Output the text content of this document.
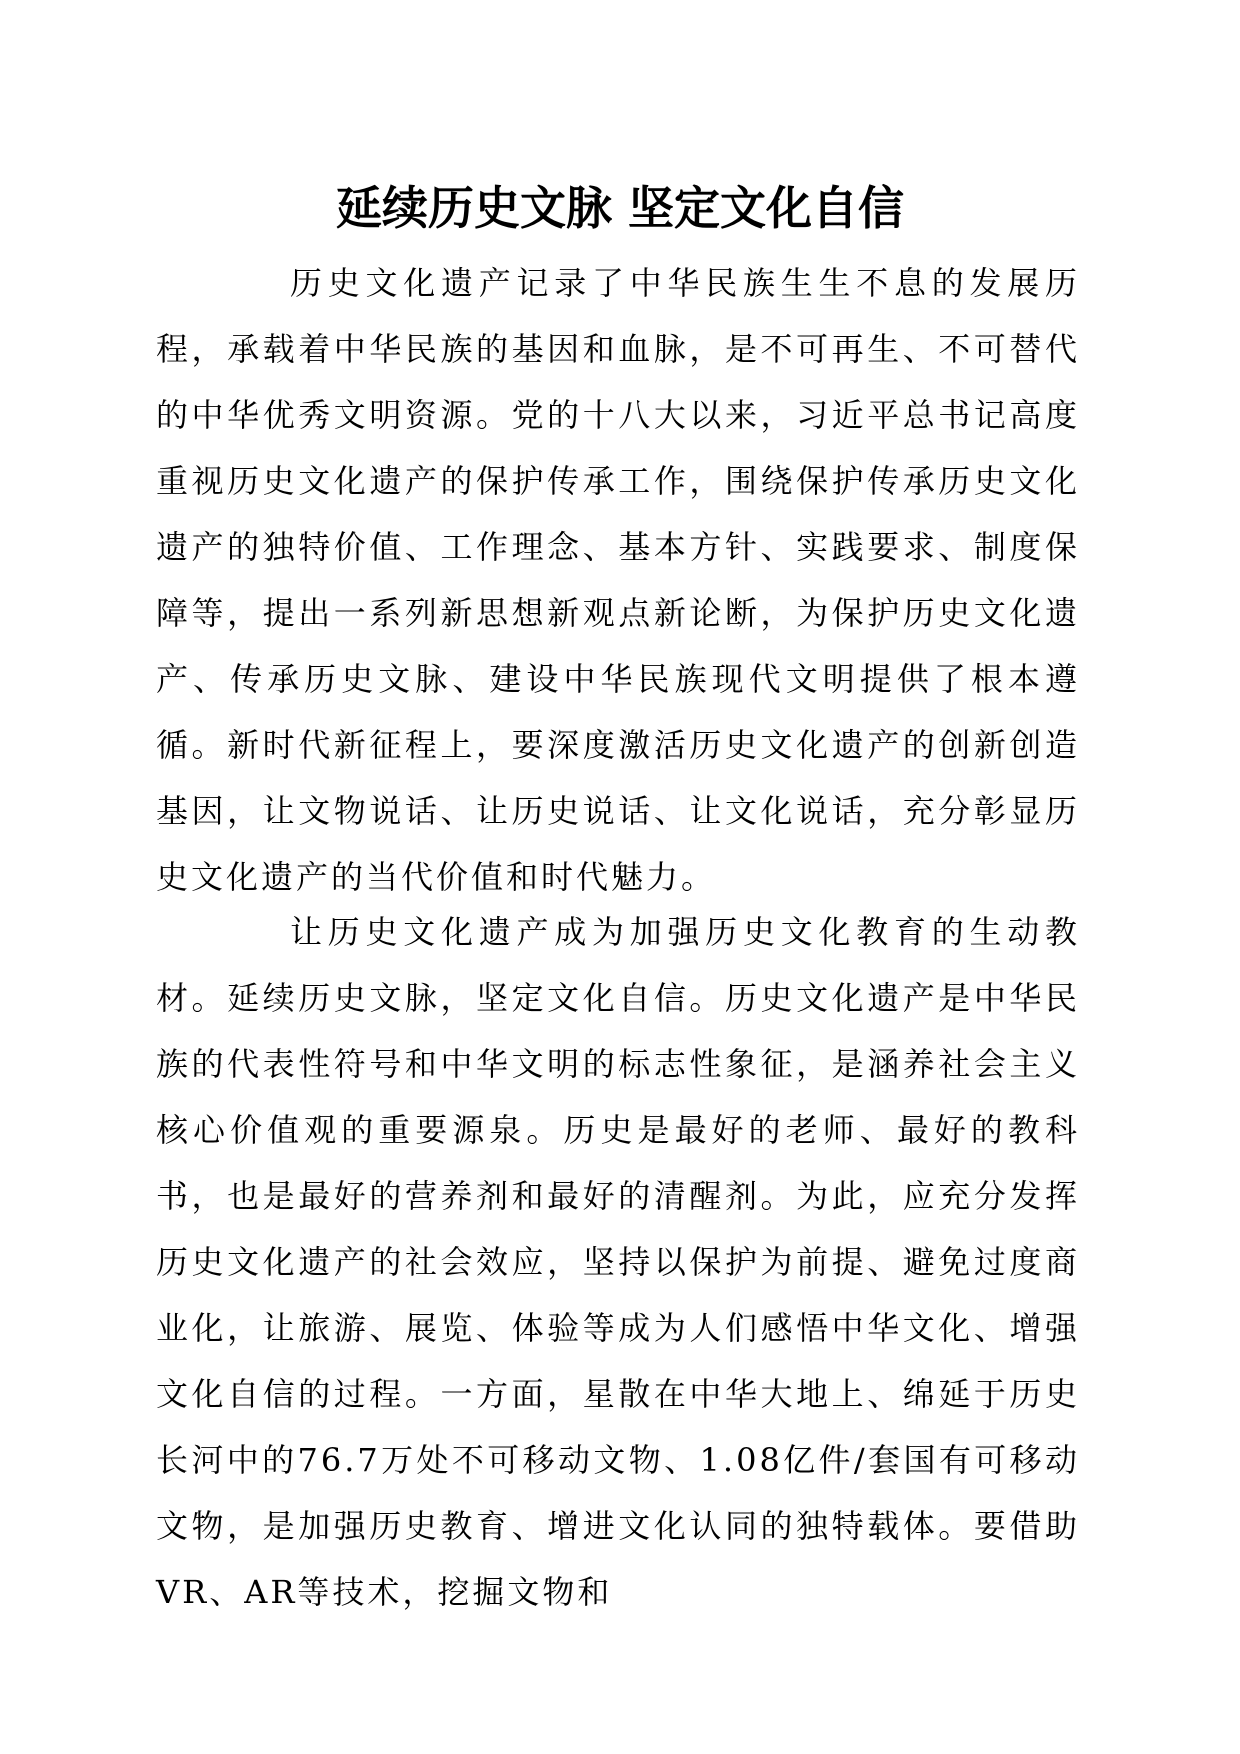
延续历史文脉 坚定文化自信

历史文化遗产记录了中华民族生生不息的发展历程，承载着中华民族的基因和血脉，是不可再生、不可替代的中华优秀文明资源。党的十八大以来，习近平总书记高度重视历史文化遗产的保护传承工作，围绕保护传承历史文化遗产的独特价值、工作理念、基本方针、实践要求、制度保障等，提出一系列新思想新观点新论断，为保护历史文化遗产、传承历史文脉、建设中华民族现代文明提供了根本遵循。新时代新征程上，要深度激活历史文化遗产的创新创造基因，让文物说话、让历史说话、让文化说话，充分彰显历史文化遗产的当代价值和时代魅力。

让历史文化遗产成为加强历史文化教育的生动教材。延续历史文脉，坚定文化自信。历史文化遗产是中华民族的代表性符号和中华文明的标志性象征，是涵养社会主义核心价值观的重要源泉。历史是最好的老师、最好的教科书，也是最好的营养剂和最好的清醒剂。为此，应充分发挥历史文化遗产的社会效应，坚持以保护为前提、避免过度商业化，让旅游、展览、体验等成为人们感悟中华文化、增强文化自信的过程。一方面，星散在中华大地上、绵延于历史长河中的76.7万处不可移动文物、1.08亿件/套国有可移动文物，是加强历史教育、增进文化认同的独特载体。要借助VR、AR等技术，挖掘文物和
